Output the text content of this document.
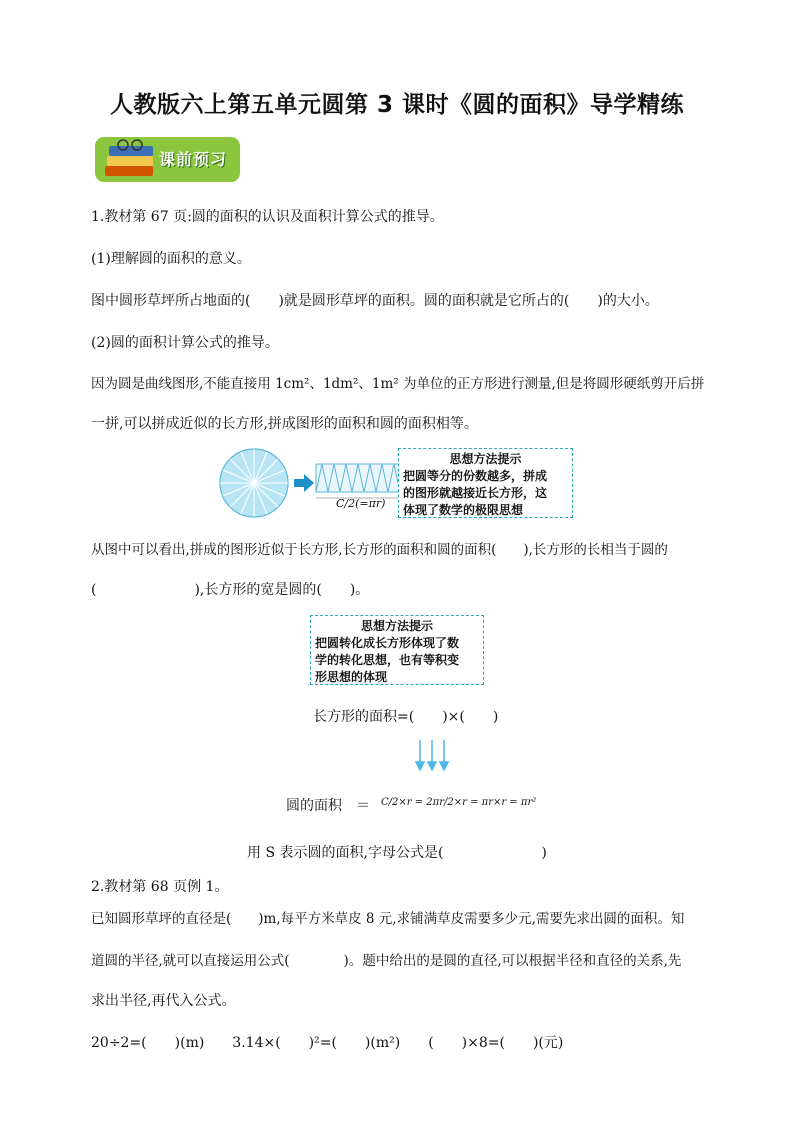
人教版六上第五单元圆第 3 课时《圆的面积》导学精练
课前预习
1.教材第 67 页:圆的面积的认识及面积计算公式的推导。
(1)理解圆的面积的意义。
图中圆形草坪所占地面的(　　)就是圆形草坪的面积。圆的面积就是它所占的(　　)的大小。
(2)圆的面积计算公式的推导。
因为圆是曲线图形,不能直接用 1cm²、1dm²、1m² 为单位的正方形进行测量,但是将圆形硬纸剪开后拼
一拼,可以拼成近似的长方形,拼成图形的面积和圆的面积相等。
C/2(=πr)
思想方法提示
把圆等分的份数越多，拼成
的图形就越接近长方形，这
体现了数学的极限思想
从图中可以看出,拼成的图形近似于长方形,长方形的面积和圆的面积(　　),长方形的长相当于圆的
(　　　　　　　),长方形的宽是圆的(　　)。
思想方法提示
把圆转化成长方形体现了数
学的转化思想，也有等积变
形思想的体现
长方形的面积=(　　)×(　　)
圆的面积　＝ C/2×r = 2πr/2×r = πr×r = πr²
用 S 表示圆的面积,字母公式是(　　　　　　　)
2.教材第 68 页例 1。
已知圆形草坪的直径是(　　)m,每平方米草皮 8 元,求铺满草皮需要多少元,需要先求出圆的面积。知
道圆的半径,就可以直接运用公式(　　　　)。题中给出的是圆的直径,可以根据半径和直径的关系,先
求出半径,再代入公式。
20÷2=(　　)(m)　　3.14×(　　)²=(　　)(m²)　　(　　)×8=(　　)(元)
